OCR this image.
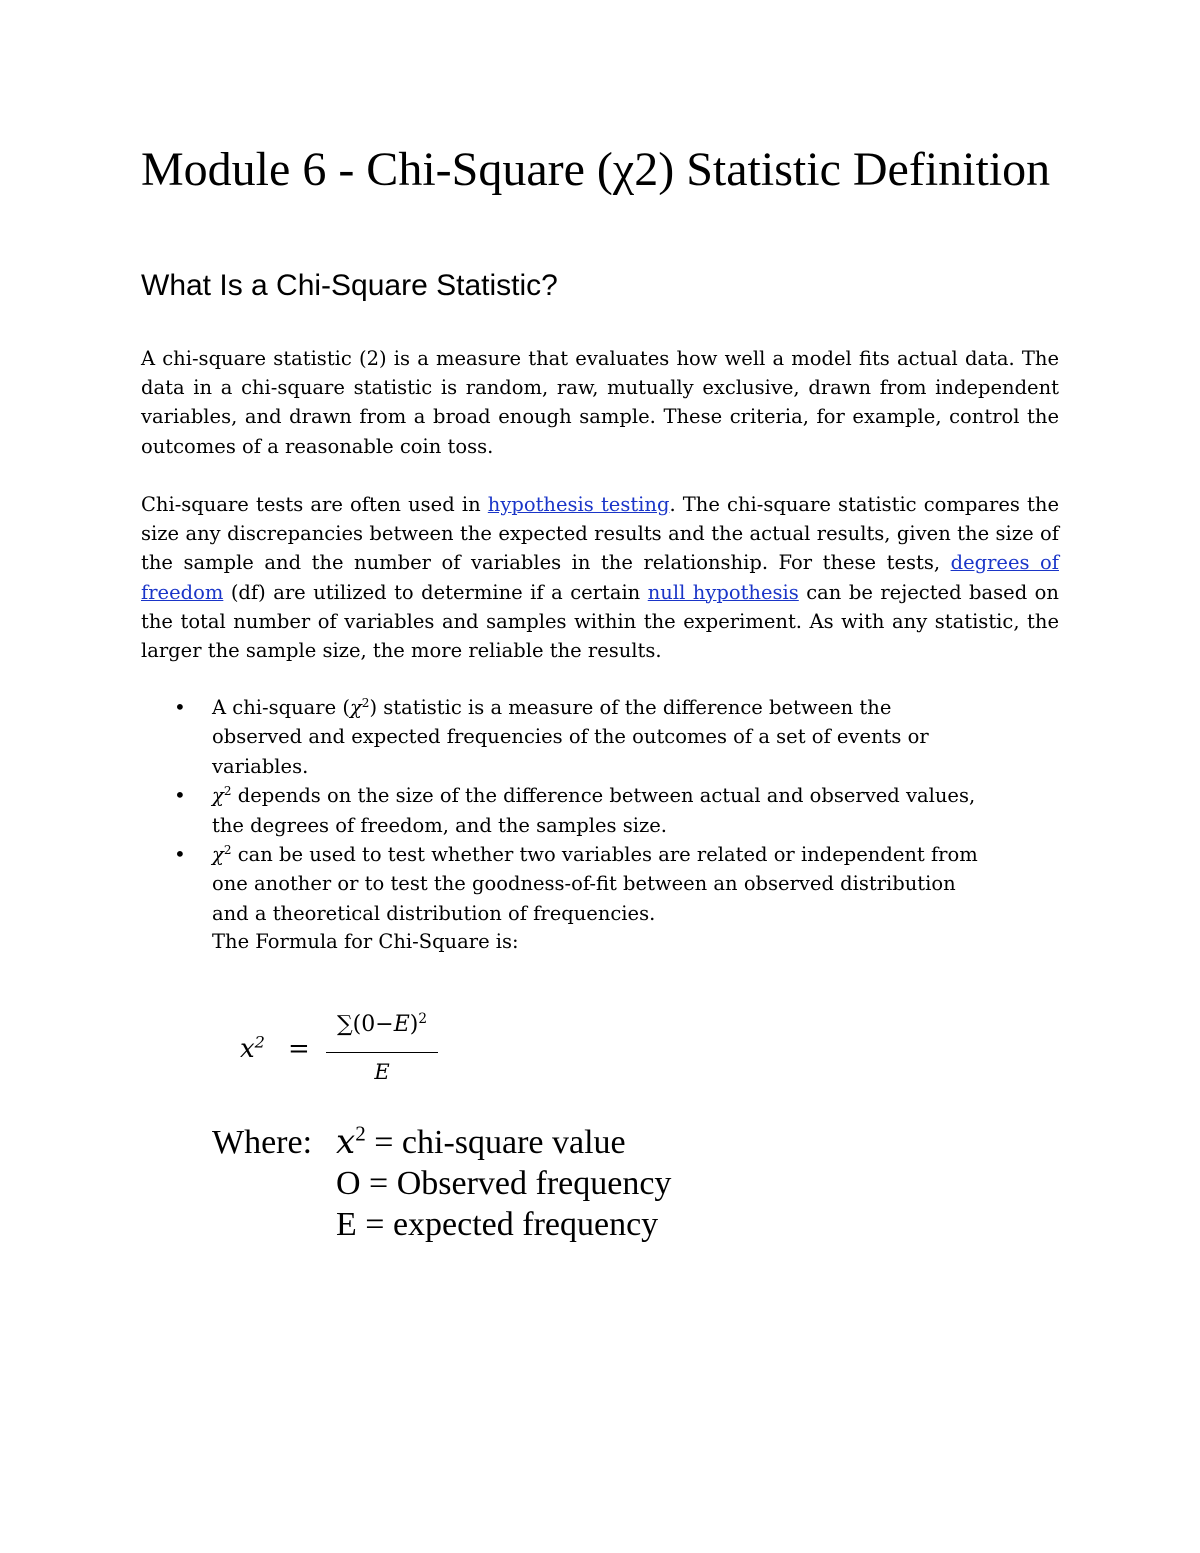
Module 6 - Chi-Square (χ2) Statistic Definition
What Is a Chi-Square Statistic?

A chi-square statistic (2) is a measure that evaluates how well a model fits actual data. The data in a chi-square statistic is random, raw, mutually exclusive, drawn from independent variables, and drawn from a broad enough sample. These criteria, for example, control the outcomes of a reasonable coin toss.

Chi-square tests are often used in hypothesis testing. The chi-square statistic compares the size any discrepancies between the expected results and the actual results, given the size of the sample and the number of variables in the relationship. For these tests, degrees of freedom (df) are utilized to determine if a certain null hypothesis can be rejected based on the total number of variables and samples within the experiment. As with any statistic, the larger the sample size, the more reliable the results.

• A chi-square $(\chi^2)$ statistic is a measure of the difference between the observed and expected frequencies of the outcomes of a set of events or variables.
• $\chi^2$ depends on the size of the difference between actual and observed values, the degrees of freedom, and the samples size.
• $\chi^2$ can be used to test whether two variables are related or independent from one another or to test the goodness-of-fit between an observed distribution and a theoretical distribution of frequencies.
The Formula for Chi-Square is:
𝑥$^2$ =
∑(0−𝐸)$^2$
E
Where: 𝑥$^2$ = chi-square value
O = Observed frequency
E = expected frequency
